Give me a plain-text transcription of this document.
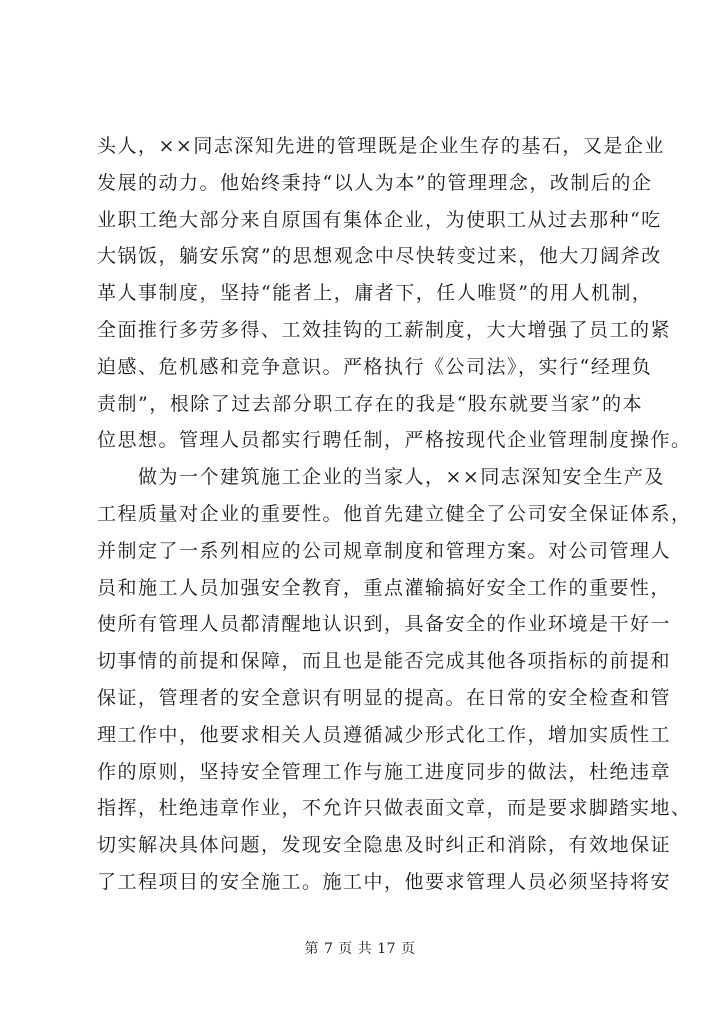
头人，××同志深知先进的管理既是企业生存的基石，又是企业
发展的动力。他始终秉持“以人为本”的管理理念，改制后的企
业职工绝大部分来自原国有集体企业，为使职工从过去那种“吃
大锅饭，躺安乐窝”的思想观念中尽快转变过来，他大刀阔斧改
革人事制度，坚持“能者上，庸者下，任人唯贤”的用人机制，
全面推行多劳多得、工效挂钩的工薪制度，大大增强了员工的紧
迫感、危机感和竞争意识。严格执行《公司法》，实行“经理负
责制”，根除了过去部分职工存在的我是“股东就要当家”的本
位思想。管理人员都实行聘任制，严格按现代企业管理制度操作。
　　做为一个建筑施工企业的当家人，××同志深知安全生产及
工程质量对企业的重要性。他首先建立健全了公司安全保证体系，
并制定了一系列相应的公司规章制度和管理方案。对公司管理人
员和施工人员加强安全教育，重点灌输搞好安全工作的重要性，
使所有管理人员都清醒地认识到，具备安全的作业环境是干好一
切事情的前提和保障，而且也是能否完成其他各项指标的前提和
保证，管理者的安全意识有明显的提高。在日常的安全检查和管
理工作中，他要求相关人员遵循减少形式化工作，增加实质性工
作的原则，坚持安全管理工作与施工进度同步的做法，杜绝违章
指挥，杜绝违章作业，不允许只做表面文章，而是要求脚踏实地、
切实解决具体问题，发现安全隐患及时纠正和消除，有效地保证
了工程项目的安全施工。施工中，他要求管理人员必须坚持将安
第 7 页 共 17 页
